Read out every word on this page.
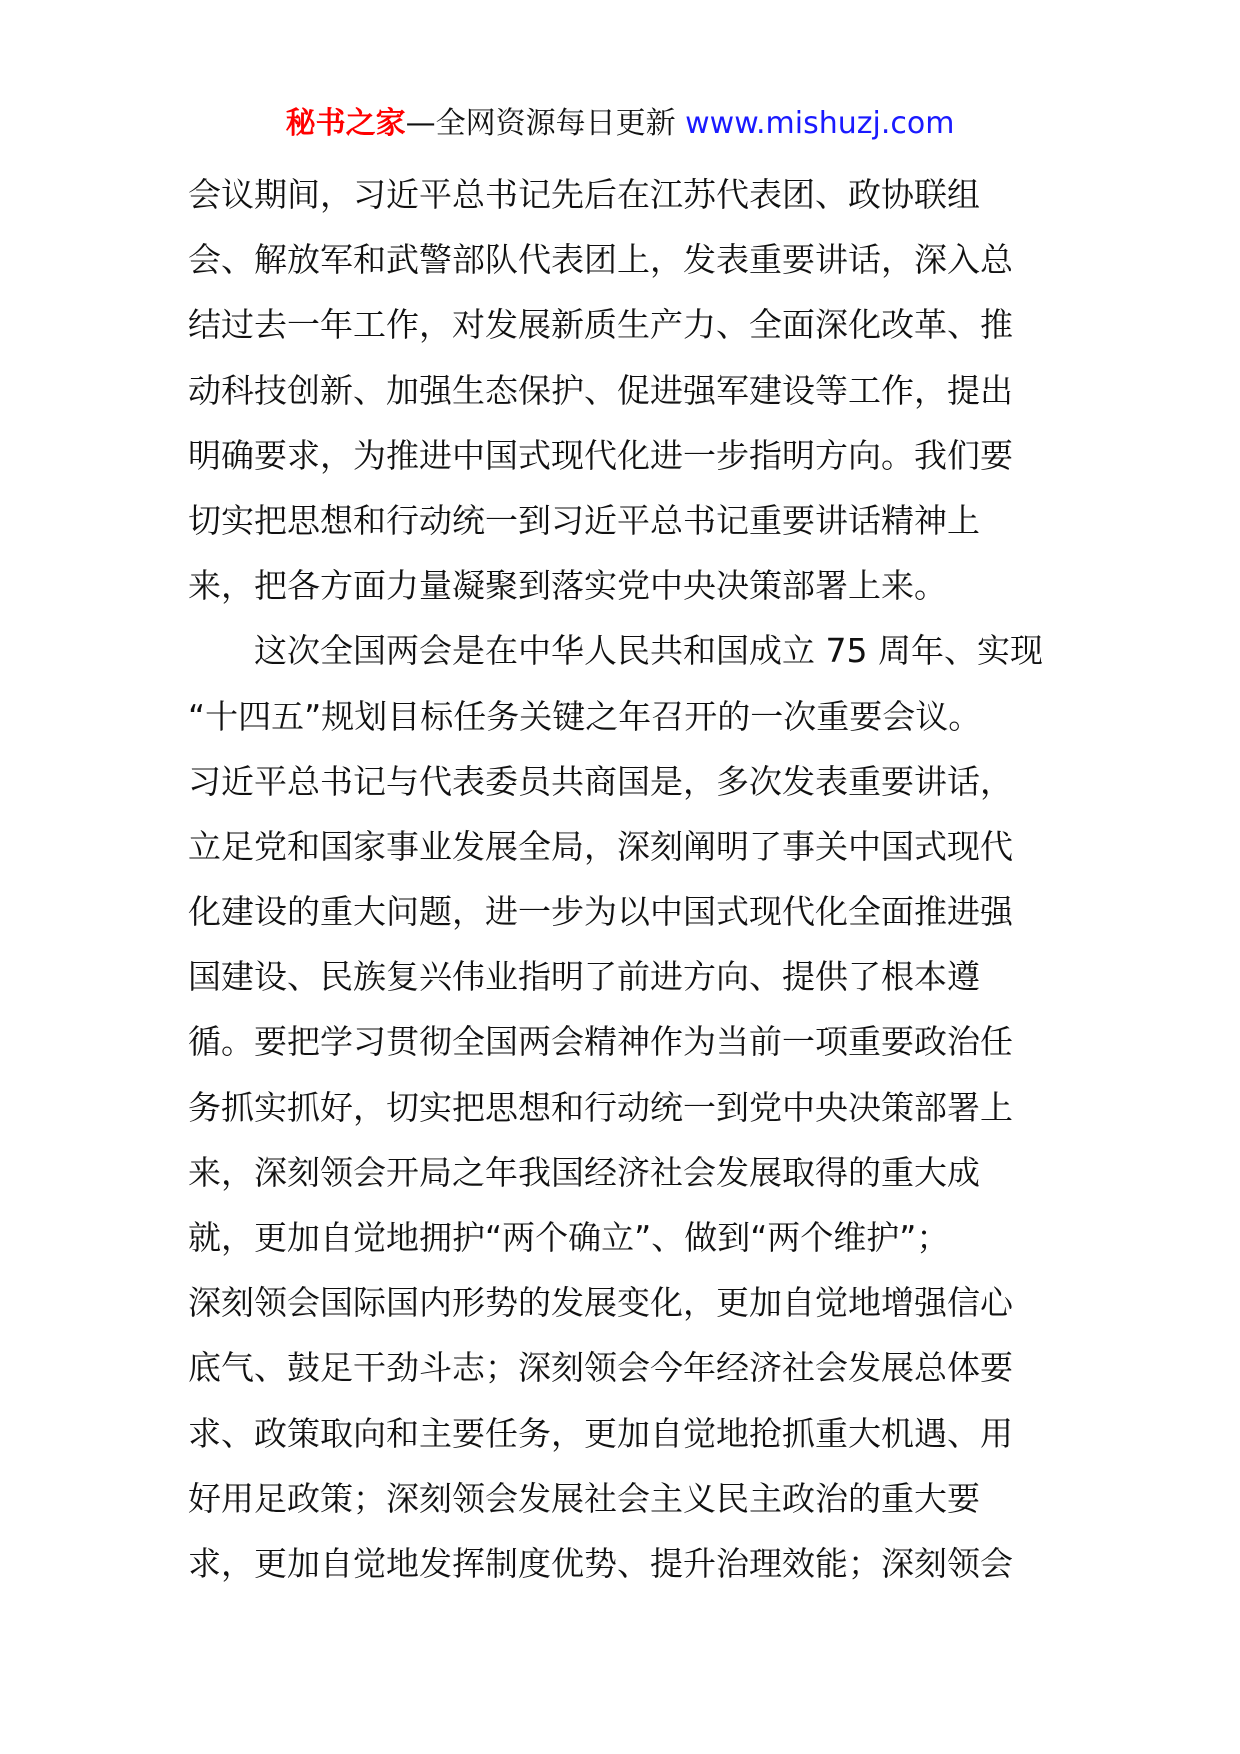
秘书之家—全网资源每日更新 www.mishuzj.com
会议期间，习近平总书记先后在江苏代表团、政协联组
会、解放军和武警部队代表团上，发表重要讲话，深入总
结过去一年工作，对发展新质生产力、全面深化改革、推
动科技创新、加强生态保护、促进强军建设等工作，提出
明确要求，为推进中国式现代化进一步指明方向。我们要
切实把思想和行动统一到习近平总书记重要讲话精神上
来，把各方面力量凝聚到落实党中央决策部署上来。
这次全国两会是在中华人民共和国成立 75 周年、实现
“十四五”规划目标任务关键之年召开的一次重要会议。
习近平总书记与代表委员共商国是，多次发表重要讲话，
立足党和国家事业发展全局，深刻阐明了事关中国式现代
化建设的重大问题，进一步为以中国式现代化全面推进强
国建设、民族复兴伟业指明了前进方向、提供了根本遵
循。要把学习贯彻全国两会精神作为当前一项重要政治任
务抓实抓好，切实把思想和行动统一到党中央决策部署上
来，深刻领会开局之年我国经济社会发展取得的重大成
就，更加自觉地拥护“两个确立”、做到“两个维护”；
深刻领会国际国内形势的发展变化，更加自觉地增强信心
底气、鼓足干劲斗志；深刻领会今年经济社会发展总体要
求、政策取向和主要任务，更加自觉地抢抓重大机遇、用
好用足政策；深刻领会发展社会主义民主政治的重大要
求，更加自觉地发挥制度优势、提升治理效能；深刻领会
